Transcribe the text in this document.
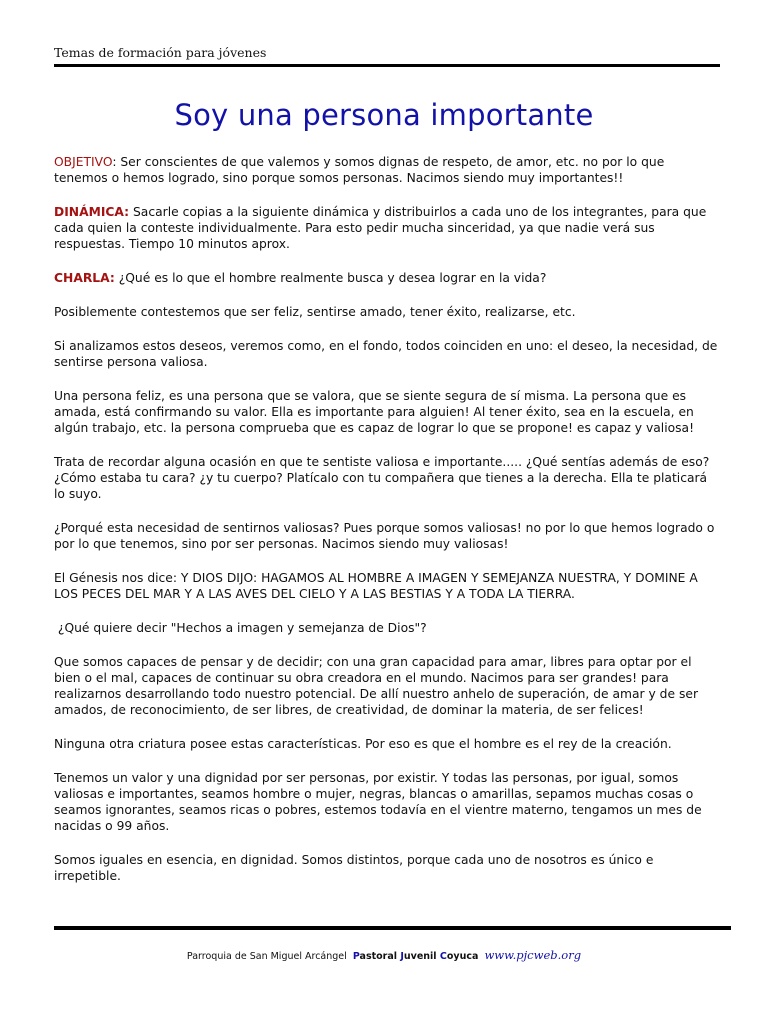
Temas de formación para jóvenes
Soy una persona importante

OBJETIVO: Ser conscientes de que valemos y somos dignas de respeto, de amor, etc. no por lo que tenemos o hemos logrado, sino porque somos personas. Nacimos siendo muy importantes!!

DINÁMICA: Sacarle copias a la siguiente dinámica y distribuirlos a cada uno de los integrantes, para que cada quien la conteste individualmente. Para esto pedir mucha sinceridad, ya que nadie verá sus respuestas. Tiempo 10 minutos aprox.

CHARLA: ¿Qué es lo que el hombre realmente busca y desea lograr en la vida?

Posiblemente contestemos que ser feliz, sentirse amado, tener éxito, realizarse, etc.

Si analizamos estos deseos, veremos como, en el fondo, todos coinciden en uno: el deseo, la necesidad, de sentirse persona valiosa.

Una persona feliz, es una persona que se valora, que se siente segura de sí misma. La persona que es amada, está confirmando su valor. Ella es importante para alguien! Al tener éxito, sea en la escuela, en algún trabajo, etc. la persona comprueba que es capaz de lograr lo que se propone! es capaz y valiosa!

Trata de recordar alguna ocasión en que te sentiste valiosa e importante..... ¿Qué sentías además de eso? ¿Cómo estaba tu cara? ¿y tu cuerpo? Platícalo con tu compañera que tienes a la derecha. Ella te platicará lo suyo.

¿Porqué esta necesidad de sentirnos valiosas? Pues porque somos valiosas! no por lo que hemos logrado o por lo que tenemos, sino por ser personas. Nacimos siendo muy valiosas!

El Génesis nos dice: Y DIOS DIJO: HAGAMOS AL HOMBRE A IMAGEN Y SEMEJANZA NUESTRA, Y DOMINE A LOS PECES DEL MAR Y A LAS AVES DEL CIELO Y A LAS BESTIAS Y A TODA LA TIERRA.

¿Qué quiere decir "Hechos a imagen y semejanza de Dios"?

Que somos capaces de pensar y de decidir; con una gran capacidad para amar, libres para optar por el bien o el mal, capaces de continuar su obra creadora en el mundo. Nacimos para ser grandes! para realizarnos desarrollando todo nuestro potencial. De allí nuestro anhelo de superación, de amar y de ser amados, de reconocimiento, de ser libres, de creatividad, de dominar la materia, de ser felices!

Ninguna otra criatura posee estas características. Por eso es que el hombre es el rey de la creación.

Tenemos un valor y una dignidad por ser personas, por existir. Y todas las personas, por igual, somos valiosas e importantes, seamos hombre o mujer, negras, blancas o amarillas, sepamos muchas cosas o seamos ignorantes, seamos ricas o pobres, estemos todavía en el vientre materno, tengamos un mes de nacidas o 99 años.

Somos iguales en esencia, en dignidad. Somos distintos, porque cada uno de nosotros es único e irrepetible.

Parroquia de San Miguel Arcángel Pastoral Juvenil Coyuca www.pjcweb.org
